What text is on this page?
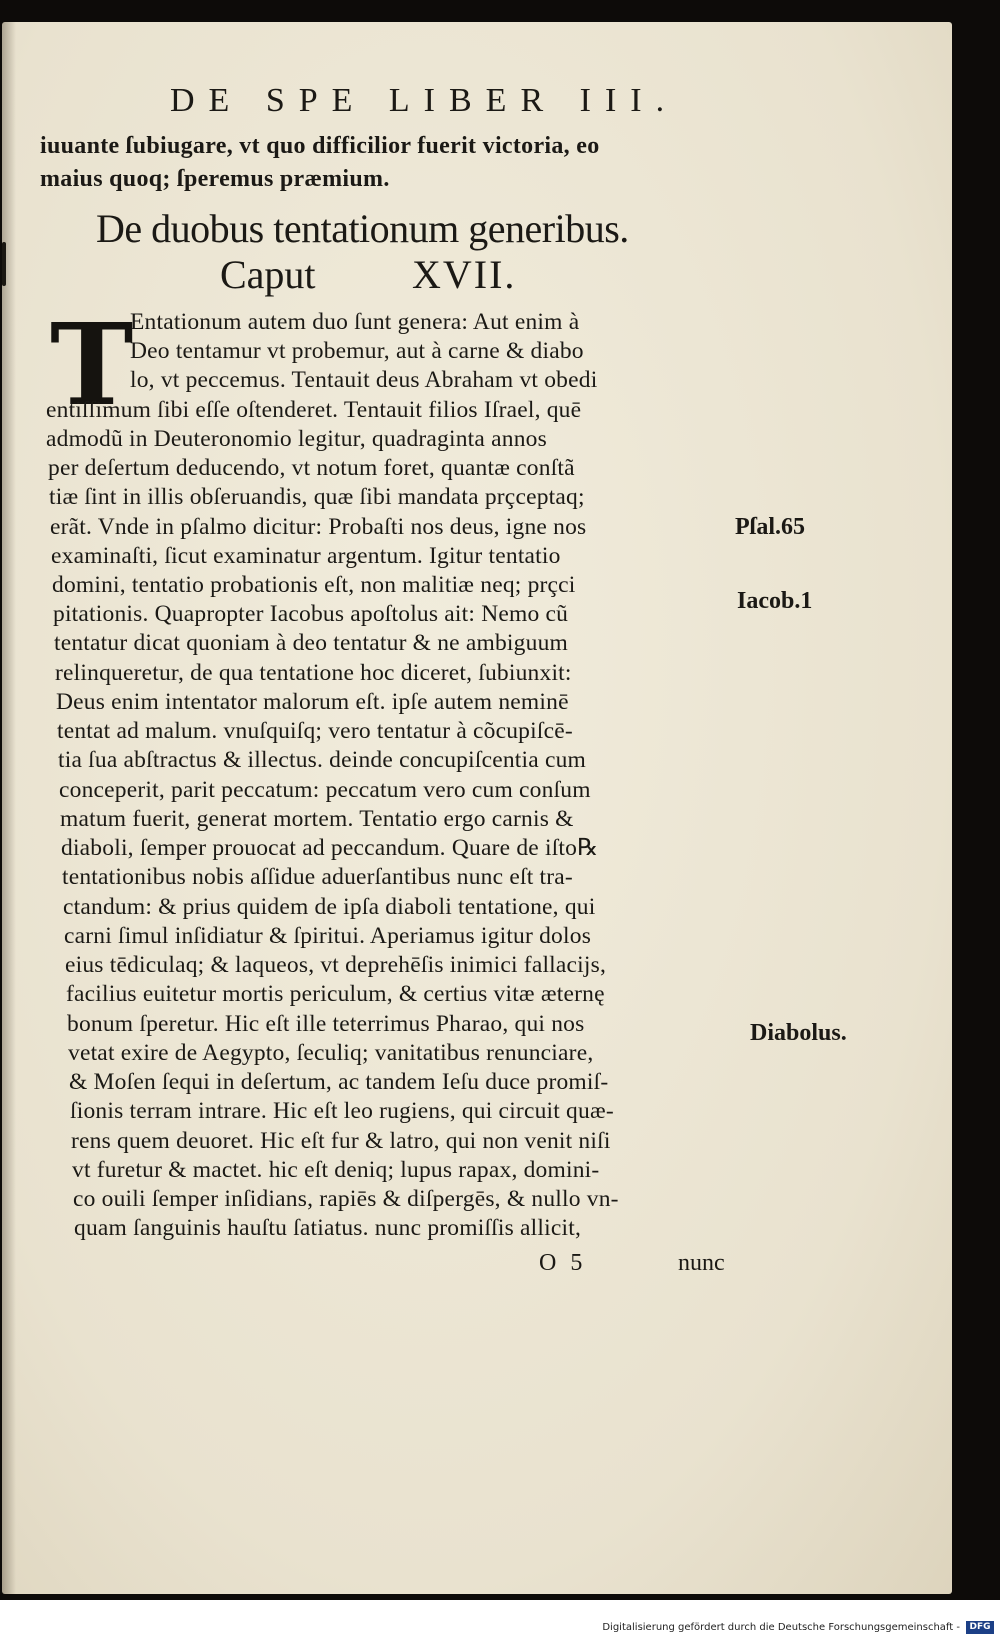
DE SPE LIBER III.
iuuante ſubiugare, vt quo difficilior fuerit victoria, eo
maius quoq; ſperemus præmium.
De duobus tentationum generibus.
Caput XVII.
T
Entationum autem duo ſunt genera: Aut enim à
Deo tentamur vt probemur, aut à carne & diabo
lo, vt peccemus. Tentauit deus Abraham vt obedi
entiſſimum ſibi eſſe oſtenderet. Tentauit filios Iſrael, quē
admodũ in Deuteronomio legitur, quadraginta annos
per deſertum deducendo, vt notum foret, quantæ conſtã
tiæ ſint in illis obſeruandis, quæ ſibi mandata prçceptaq;
erãt. Vnde in pſalmo dicitur: Probaſti nos deus, igne nos
examinaſti, ſicut examinatur argentum. Igitur tentatio
domini, tentatio probationis eſt, non malitiæ neq; prçci
pitationis. Quapropter Iacobus apoſtolus ait: Nemo cũ
tentatur dicat quoniam à deo tentatur & ne ambiguum
relinqueretur, de qua tentatione hoc diceret, ſubiunxit:
Deus enim intentator malorum eſt. ipſe autem neminē
tentat ad malum. vnuſquiſq; vero tentatur à cõcupiſcē-
tia ſua abſtractus & illectus. deinde concupiſcentia cum
conceperit, parit peccatum: peccatum vero cum conſum
matum fuerit, generat mortem. Tentatio ergo carnis &
diaboli, ſemper prouocat ad peccandum. Quare de iſto℞
tentationibus nobis aſſidue aduerſantibus nunc eſt tra-
ctandum: & prius quidem de ipſa diaboli tentatione, qui
carni ſimul inſidiatur & ſpiritui. Aperiamus igitur dolos
eius tēdiculaq; & laqueos, vt deprehēſis inimici fallacijs,
facilius euitetur mortis periculum, & certius vitæ æternę
bonum ſperetur. Hic eſt ille teterrimus Pharao, qui nos
vetat exire de Aegypto, ſeculiq; vanitatibus renunciare,
& Moſen ſequi in deſertum, ac tandem Ieſu duce promiſ-
ſionis terram intrare. Hic eſt leo rugiens, qui circuit quæ-
rens quem deuoret. Hic eſt fur & latro, qui non venit niſi
vt furetur & mactet. hic eſt deniq; lupus rapax, domini-
co ouili ſemper inſidians, rapiēs & diſpergēs, & nullo vn-
quam ſanguinis hauſtu ſatiatus. nunc promiſſis allicit,
Pſal.65
Iacob.1
Diabolus.
O 5	nunc
Digitalisierung gefördert durch die Deutsche Forschungsgemeinschaft -	DFG
